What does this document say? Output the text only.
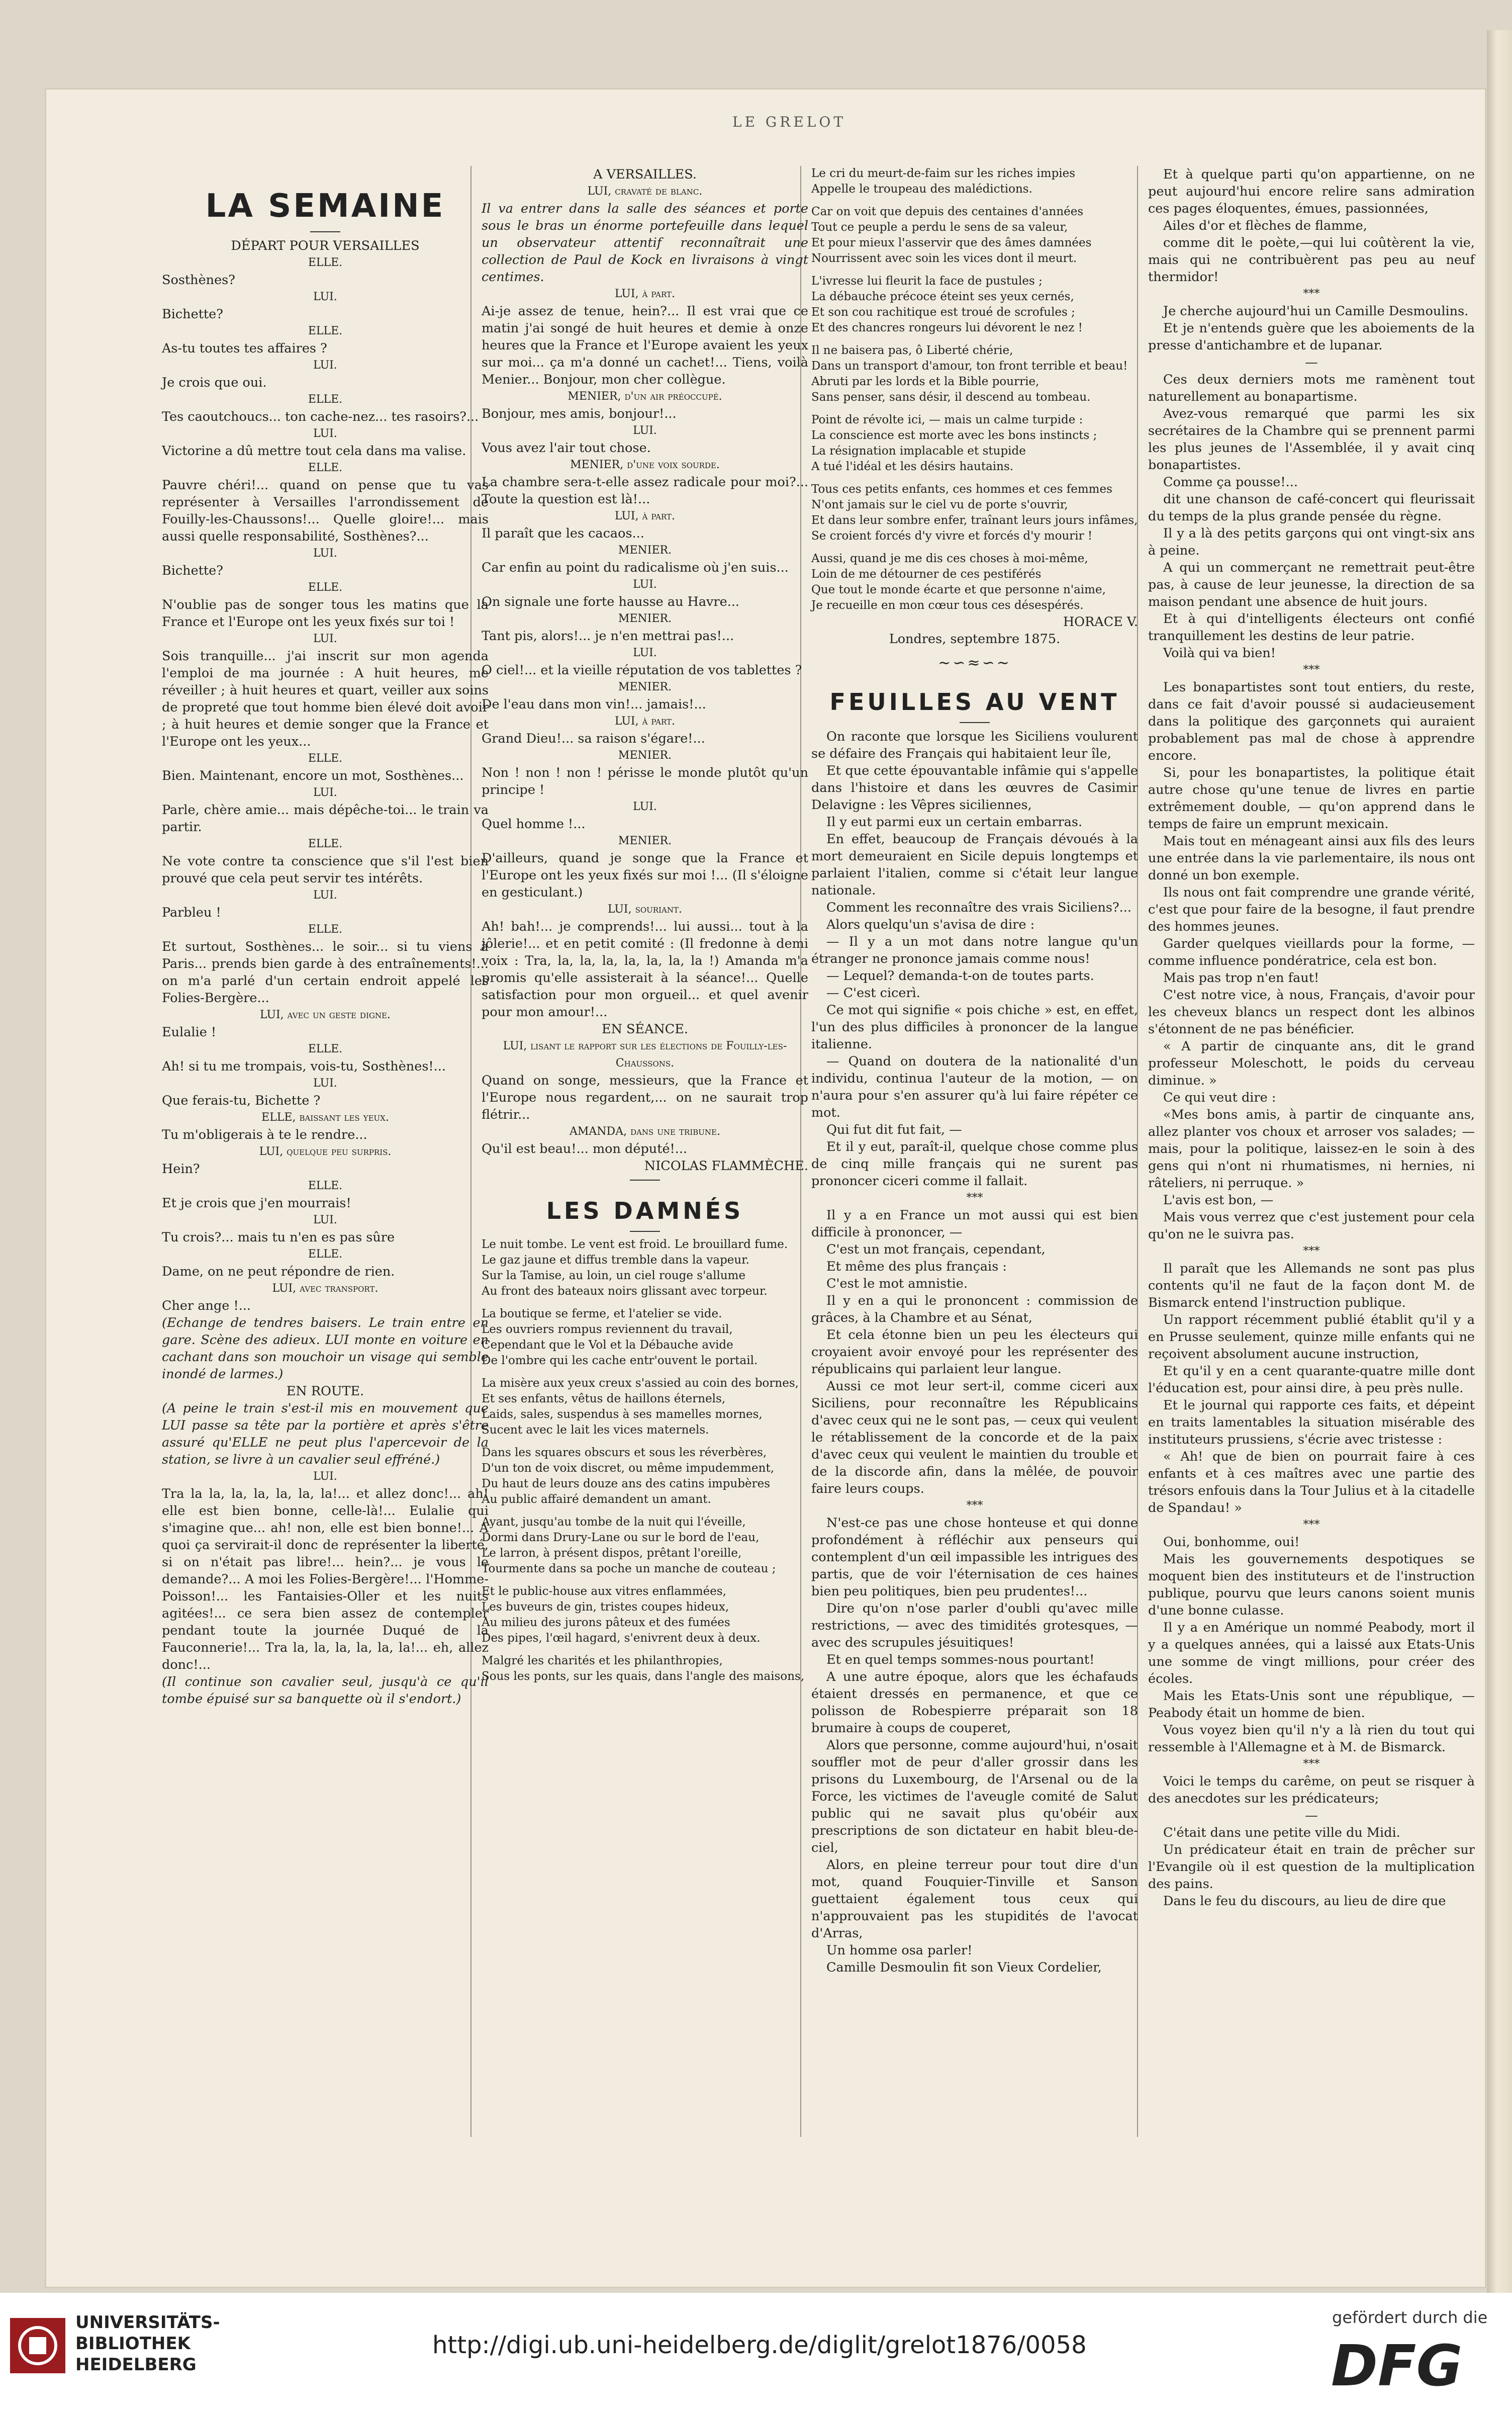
LE GRELOT
LA SEMAINE

DÉPART POUR VERSAILLES

ELLE.

Sosthènes?

LUI.

Bichette?

ELLE.

As-tu toutes tes affaires ?

LUI.

Je crois que oui.

ELLE.

Tes caoutchoucs... ton cache-nez... tes rasoirs?...

LUI.

Victorine a dû mettre tout cela dans ma valise.

ELLE.

Pauvre chéri!... quand on pense que tu vas représenter à Versailles l'arrondissement de Fouilly-les-Chaussons!... Quelle gloire!... mais aussi quelle responsabilité, Sosthènes?...

LUI.

Bichette?

ELLE.

N'oublie pas de songer tous les matins que la France et l'Europe ont les yeux fixés sur toi !

LUI.

Sois tranquille... j'ai inscrit sur mon agenda l'emploi de ma journée : A huit heures, me réveiller ; à huit heures et quart, veiller aux soins de propreté que tout homme bien élevé doit avoir ; à huit heures et demie songer que la France et l'Europe ont les yeux...

ELLE.

Bien. Maintenant, encore un mot, Sosthènes...

LUI.

Parle, chère amie... mais dépêche-toi... le train va partir.

ELLE.

Ne vote contre ta conscience que s'il l'est bien prouvé que cela peut servir tes intérêts.

LUI.

Parbleu !

ELLE.

Et surtout, Sosthènes... le soir... si tu viens à Paris... prends bien garde à des entraînements!... on m'a parlé d'un certain endroit appelé les Folies-Bergère...

LUI, avec un geste digne.

Eulalie !

ELLE.

Ah! si tu me trompais, vois-tu, Sosthènes!...

LUI.

Que ferais-tu, Bichette ?

ELLE, baissant les yeux.

Tu m'obligerais à te le rendre...

LUI, quelque peu surpris.

Hein?

ELLE.

Et je crois que j'en mourrais!

LUI.

Tu crois?... mais tu n'en es pas sûre

ELLE.

Dame, on ne peut répondre de rien.

LUI, avec transport.

Cher ange !...

(Echange de tendres baisers. Le train entre en gare. Scène des adieux. LUI monte en voiture en cachant dans son mouchoir un visage qui semble inondé de larmes.)

EN ROUTE.

(A peine le train s'est-il mis en mouvement que LUI passe sa tête par la portière et après s'être assuré qu'ELLE ne peut plus l'apercevoir de la station, se livre à un cavalier seul effréné.)

LUI.

Tra la la, la, la, la, la, la!... et allez donc!... ah! elle est bien bonne, celle-là!... Eulalie qui s'imagine que... ah! non, elle est bien bonne!... A quoi ça servirait-il donc de représenter la liberté, si on n'était pas libre!... hein?... je vous le demande?... A moi les Folies-Bergère!... l'Homme-Poisson!... les Fantaisies-Oller et les nuits agitées!... ce sera bien assez de contempler pendant toute la journée Duqué de la Fauconnerie!... Tra la, la, la, la, la, la!... eh, allez donc!...

(Il continue son cavalier seul, jusqu'à ce qu'il tombe épuisé sur sa banquette où il s'endort.)

A VERSAILLES.

LUI, cravaté de blanc.

Il va entrer dans la salle des séances et porte sous le bras un énorme portefeuille dans lequel un observateur attentif reconnaîtrait une collection de Paul de Kock en livraisons à vingt centimes.

LUI, à part.

Ai-je assez de tenue, hein?... Il est vrai que ce matin j'ai songé de huit heures et demie à onze heures que la France et l'Europe avaient les yeux sur moi... ça m'a donné un cachet!... Tiens, voilà Menier... Bonjour, mon cher collègue.

MENIER, d'un air préoccupé.

Bonjour, mes amis, bonjour!...

LUI.

Vous avez l'air tout chose.

MENIER, d'une voix sourde.

La chambre sera-t-elle assez radicale pour moi?... Toute la question est là!...

LUI, à part.

Il paraît que les cacaos...

MENIER.

Car enfin au point du radicalisme où j'en suis...

LUI.

On signale une forte hausse au Havre...

MENIER.

Tant pis, alors!... je n'en mettrai pas!...

LUI.

O ciel!... et la vieille réputation de vos tablettes ?

MENIER.

De l'eau dans mon vin!... jamais!...

LUI, à part.

Grand Dieu!... sa raison s'égare!...

MENIER.

Non ! non ! non ! périsse le monde plutôt qu'un principe !

LUI.

Quel homme !...

MENIER.

D'ailleurs, quand je songe que la France et l'Europe ont les yeux fixés sur moi !... (Il s'éloigne en gesticulant.)

LUI, souriant.

Ah! bah!... je comprends!... lui aussi... tout à la jôlerie!... et en petit comité : (Il fredonne à demi voix : Tra, la, la, la, la, la, la, la !) Amanda m'a promis qu'elle assisterait à la séance!... Quelle satisfaction pour mon orgueil... et quel avenir pour mon amour!...

EN SÉANCE.

LUI, lisant le rapport sur les élections de Fouilly-les-Chaussons.

Quand on songe, messieurs, que la France et l'Europe nous regardent,... on ne saurait trop flétrir...

AMANDA, dans une tribune.

Qu'il est beau!... mon député!...

NICOLAS FLAMMÈCHE.

LES DAMNÉS

Le nuit tombe. Le vent est froid. Le brouillard fume.

Le gaz jaune et diffus tremble dans la vapeur.

Sur la Tamise, au loin, un ciel rouge s'allume

Au front des bateaux noirs glissant avec torpeur.

La boutique se ferme, et l'atelier se vide.

Les ouvriers rompus reviennent du travail,

Cependant que le Vol et la Débauche avide

De l'ombre qui les cache entr'ouvent le portail.

La misère aux yeux creux s'assied au coin des bornes,

Et ses enfants, vêtus de haillons éternels,

Laids, sales, suspendus à ses mamelles mornes,

Sucent avec le lait les vices maternels.

Dans les squares obscurs et sous les réverbères,

D'un ton de voix discret, ou même impudemment,

Du haut de leurs douze ans des catins impubères

Au public affairé demandent un amant.

Ayant, jusqu'au tombe de la nuit qui l'éveille,

Dormi dans Drury-Lane ou sur le bord de l'eau,

Le larron, à présent dispos, prêtant l'oreille,

Tourmente dans sa poche un manche de couteau ;

Et le public-house aux vitres enflammées,

Les buveurs de gin, tristes coupes hideux,

Au milieu des jurons pâteux et des fumées

Des pipes, l'œil hagard, s'enivrent deux à deux.

Malgré les charités et les philanthropies,

Sous les ponts, sur les quais, dans l'angle des maisons,

Le cri du meurt-de-faim sur les riches impies

Appelle le troupeau des malédictions.

Car on voit que depuis des centaines d'années

Tout ce peuple a perdu le sens de sa valeur,

Et pour mieux l'asservir que des âmes damnées

Nourrissent avec soin les vices dont il meurt.

L'ivresse lui fleurit la face de pustules ;

La débauche précoce éteint ses yeux cernés,

Et son cou rachitique est troué de scrofules ;

Et des chancres rongeurs lui dévorent le nez !

Il ne baisera pas, ô Liberté chérie,

Dans un transport d'amour, ton front terrible et beau!

Abruti par les lords et la Bible pourrie,

Sans penser, sans désir, il descend au tombeau.

Point de révolte ici, — mais un calme turpide :

La conscience est morte avec les bons instincts ;

La résignation implacable et stupide

A tué l'idéal et les désirs hautains.

Tous ces petits enfants, ces hommes et ces femmes

N'ont jamais sur le ciel vu de porte s'ouvrir,

Et dans leur sombre enfer, traînant leurs jours infâmes,

Se croient forcés d'y vivre et forcés d'y mourir !

Aussi, quand je me dis ces choses à moi-même,

Loin de me détourner de ces pestiférés

Que tout le monde écarte et que personne n'aime,

Je recueille en mon cœur tous ces désespérés.

HORACE V.

Londres, septembre 1875.

∼∽≈∽∼
FEUILLES AU VENT

On raconte que lorsque les Siciliens voulurent se défaire des Français qui habitaient leur île,

Et que cette épouvantable infâmie qui s'appelle dans l'histoire et dans les œuvres de Casimir Delavigne : les Vêpres siciliennes,

Il y eut parmi eux un certain embarras.

En effet, beaucoup de Français dévoués à la mort demeuraient en Sicile depuis longtemps et parlaient l'italien, comme si c'était leur langue nationale.

Comment les reconnaître des vrais Siciliens?...

Alors quelqu'un s'avisa de dire :

— Il y a un mot dans notre langue qu'un étranger ne prononce jamais comme nous!

— Lequel? demanda-t-on de toutes parts.

— C'est cicerì.

Ce mot qui signifie « pois chiche » est, en effet, l'un des plus difficiles à prononcer de la langue italienne.

— Quand on doutera de la nationalité d'un individu, continua l'auteur de la motion, — on n'aura pour s'en assurer qu'à lui faire répéter ce mot.

Qui fut dit fut fait, —

Et il y eut, paraît-il, quelque chose comme plus de cinq mille français qui ne surent pas prononcer ciceri comme il fallait.

***

Il y a en France un mot aussi qui est bien difficile à prononcer, —

C'est un mot français, cependant,

Et même des plus français :

C'est le mot amnistie.

Il y en a qui le prononcent : commission de grâces, à la Chambre et au Sénat,

Et cela étonne bien un peu les électeurs qui croyaient avoir envoyé pour les représenter des républicains qui parlaient leur langue.

Aussi ce mot leur sert-il, comme ciceri aux Siciliens, pour reconnaître les Républicains d'avec ceux qui ne le sont pas, — ceux qui veulent le rétablissement de la concorde et de la paix d'avec ceux qui veulent le maintien du trouble et de la discorde afin, dans la mêlée, de pouvoir faire leurs coups.

***

N'est-ce pas une chose honteuse et qui donne profondément à réfléchir aux penseurs qui contemplent d'un œil impassible les intrigues des partis, que de voir l'éternisation de ces haines bien peu politiques, bien peu prudentes!...

Dire qu'on n'ose parler d'oubli qu'avec mille restrictions, — avec des timidités grotesques, — avec des scrupules jésuitiques!

Et en quel temps sommes-nous pourtant!

A une autre époque, alors que les échafauds étaient dressés en permanence, et que ce polisson de Robespierre préparait son 18 brumaire à coups de couperet,

Alors que personne, comme aujourd'hui, n'osait souffler mot de peur d'aller grossir dans les prisons du Luxembourg, de l'Arsenal ou de la Force, les victimes de l'aveugle comité de Salut public qui ne savait plus qu'obéir aux prescriptions de son dictateur en habit bleu-de-ciel,

Alors, en pleine terreur pour tout dire d'un mot, quand Fouquier-Tinville et Sanson guettaient également tous ceux qui n'approuvaient pas les stupidités de l'avocat d'Arras,

Un homme osa parler!

Camille Desmoulin fit son Vieux Cordelier,

Et à quelque parti qu'on appartienne, on ne peut aujourd'hui encore relire sans admiration ces pages éloquentes, émues, passionnées,

Ailes d'or et flèches de flamme,

comme dit le poète,—qui lui coûtèrent la vie, mais qui ne contribuèrent pas peu au neuf thermidor!

***

Je cherche aujourd'hui un Camille Desmoulins.

Et je n'entends guère que les aboiements de la presse d'antichambre et de lupanar.

—

Ces deux derniers mots me ramènent tout naturellement au bonapartisme.

Avez-vous remarqué que parmi les six secrétaires de la Chambre qui se prennent parmi les plus jeunes de l'Assemblée, il y avait cinq bonapartistes.

Comme ça pousse!...

dit une chanson de café-concert qui fleurissait du temps de la plus grande pensée du règne.

Il y a là des petits garçons qui ont vingt-six ans à peine.

A qui un commerçant ne remettrait peut-être pas, à cause de leur jeunesse, la direction de sa maison pendant une absence de huit jours.

Et à qui d'intelligents électeurs ont confié tranquillement les destins de leur patrie.

Voilà qui va bien!

***

Les bonapartistes sont tout entiers, du reste, dans ce fait d'avoir poussé si audacieusement dans la politique des garçonnets qui auraient probablement pas mal de chose à apprendre encore.

Si, pour les bonapartistes, la politique était autre chose qu'une tenue de livres en partie extrêmement double, — qu'on apprend dans le temps de faire un emprunt mexicain.

Mais tout en ménageant ainsi aux fils des leurs une entrée dans la vie parlementaire, ils nous ont donné un bon exemple.

Ils nous ont fait comprendre une grande vérité, c'est que pour faire de la besogne, il faut prendre des hommes jeunes.

Garder quelques vieillards pour la forme, —comme influence pondératrice, cela est bon.

Mais pas trop n'en faut!

C'est notre vice, à nous, Français, d'avoir pour les cheveux blancs un respect dont les albinos s'étonnent de ne pas bénéficier.

« A partir de cinquante ans, dit le grand professeur Moleschott, le poids du cerveau diminue. »

Ce qui veut dire :

«Mes bons amis, à partir de cinquante ans, allez planter vos choux et arroser vos salades; — mais, pour la politique, laissez-en le soin à des gens qui n'ont ni rhumatismes, ni hernies, ni râteliers, ni perruque. »

L'avis est bon, —

Mais vous verrez que c'est justement pour cela qu'on ne le suivra pas.

***

Il paraît que les Allemands ne sont pas plus contents qu'il ne faut de la façon dont M. de Bismarck entend l'instruction publique.

Un rapport récemment publié établit qu'il y a en Prusse seulement, quinze mille enfants qui ne reçoivent absolument aucune instruction,

Et qu'il y en a cent quarante-quatre mille dont l'éducation est, pour ainsi dire, à peu près nulle.

Et le journal qui rapporte ces faits, et dépeint en traits lamentables la situation misérable des instituteurs prussiens, s'écrie avec tristesse :

« Ah! que de bien on pourrait faire à ces enfants et à ces maîtres avec une partie des trésors enfouis dans la Tour Julius et à la citadelle de Spandau! »

***

Oui, bonhomme, oui!

Mais les gouvernements despotiques se moquent bien des instituteurs et de l'instruction publique, pourvu que leurs canons soient munis d'une bonne culasse.

Il y a en Amérique un nommé Peabody, mort il y a quelques années, qui a laissé aux Etats-Unis une somme de vingt millions, pour créer des écoles.

Mais les Etats-Unis sont une république, — Peabody était un homme de bien.

Vous voyez bien qu'il n'y a là rien du tout qui ressemble à l'Allemagne et à M. de Bismarck.

***

Voici le temps du carême, on peut se risquer à des anecdotes sur les prédicateurs;

—

C'était dans une petite ville du Midi.

Un prédicateur était en train de prêcher sur l'Evangile où il est question de la multiplication des pains.

Dans le feu du discours, au lieu de dire que

UNIVERSITÄTS-
BIBLIOTHEK
HEIDELBERG
http://digi.ub.uni-heidelberg.de/diglit/grelot1876/0058
gefördert durch die
DFG
